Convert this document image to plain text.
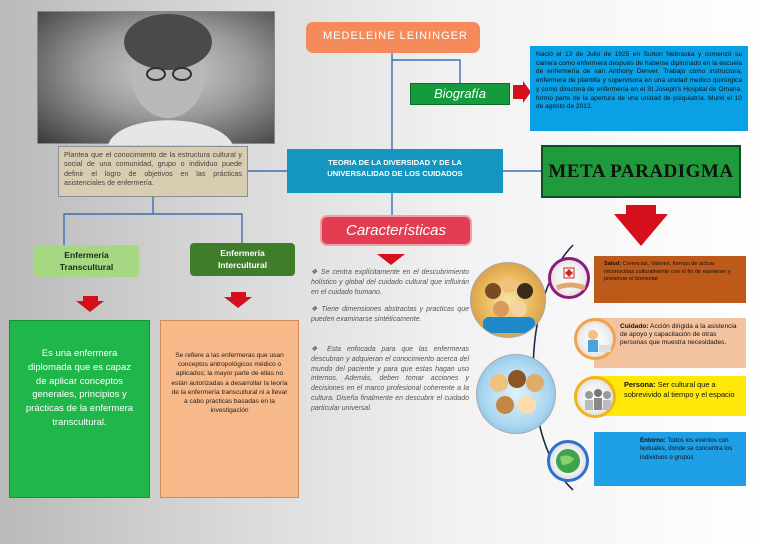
MEDELEINE LEININGER
Biografía
Nació el 13 de Julio de 1925 en Sutton Nebraska y comenzó su carrera como enfermera después de haberse diplomado en la escuela de enfermería de san Anthony Denver. Trabajo como instructora, enfermera de plantilla y supervisora en una unidad medico quirúrgica y como directora de enfermería en el St Joseph's Hospital de Omaha, formo parte de la apertura de una unidad de psiquiatría. Murió el 10 de agosto de 2012.
Plantea que el conocimiento de la estructura cultural y social de una comunidad, grupo o individuo puede definir el logro de objetivos en las prácticas asistenciales de enfermería.
TEORIA DE LA DIVERSIDAD Y DE LA
UNIVERSALIDAD DE LOS CUIDADOS	META PARADIGMA
Características
Enfermería
Transcultural
Enfermería
Intercultural
Es una enfermera diplomada que es capaz de aplicar conceptos generales, principios y prácticas de la enfermera transcultural.
Se refiere a las enfermeras que usan conceptos antropológicos médico o aplicados; la mayor parte de ellas no están autorizadas a desarrollar la teoría de la enfermería transcultural ni a llevar a cabo practicas basadas en la investigación

❖ Se centra explícitamente en el descubrimiento holístico y global del cuidado cultural que influirán en el cuidado humano.

❖ Tiene dimensiones abstractas y practicas que pueden examinarse sintéticamente.

❖ Esta enfocada para que las enfermeras descubran y adquieran el conocimiento acerca del mundo del paciente y para que estas hagan uso internos. Además, deben tomar acciones y decisiones en el marco profesional coherente a la cultura. Diseña finalmente en descubrir el cuidado particular universal.

Salud: Creencias, Valores, formas de actuar reconocidas culturalmente con el fin de mantener y preservar el bienestar
Cuidado: Acción dirigida a la asistencia de apoyo y capacitación de otras personas que muestra necesidades.
Persona: Ser cultural que a sobrevivido al tiempo y el espacio
Entorno: Todos los eventos con textuales, donde se concentra los individuos o grupos
